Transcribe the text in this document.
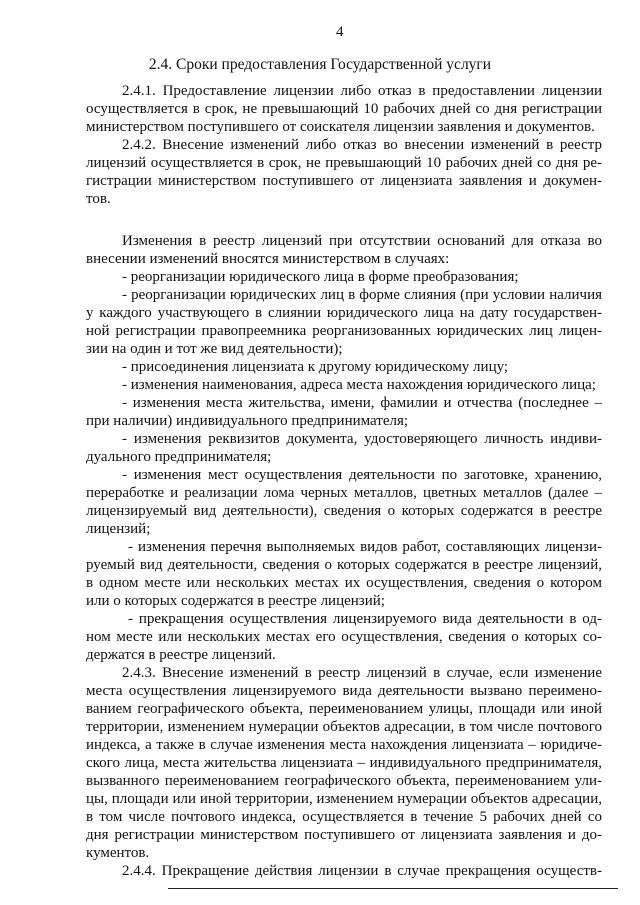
4
2.4. Сроки предоставления Государственной услуги
2.4.1. Предоставление лицензии либо отказ в предоставлении лицензии
осуществляется в срок, не превышающий 10 рабочих дней со дня регистрации
министерством поступившего от соискателя лицензии заявления и документов.
2.4.2. Внесение изменений либо отказ во внесении изменений в реестр
лицензий осуществляется в срок, не превышающий 10 рабочих дней со дня ре-
гистрации министерством поступившего от лицензиата заявления и докумен-
тов.
Изменения в реестр лицензий при отсутствии оснований для отказа во
внесении изменений вносятся министерством в случаях:
- реорганизации юридического лица в форме преобразования;
- реорганизации юридических лиц в форме слияния (при условии наличия
у каждого участвующего в слиянии юридического лица на дату государствен-
ной регистрации правопреемника реорганизованных юридических лиц лицен-
зии на один и тот же вид деятельности);
- присоединения лицензиата к другому юридическому лицу;
- изменения наименования, адреса места нахождения юридического лица;
- изменения места жительства, имени, фамилии и отчества (последнее –
при наличии) индивидуального предпринимателя;
- изменения реквизитов документа, удостоверяющего личность индиви-
дуального предпринимателя;
- изменения мест осуществления деятельности по заготовке, хранению,
переработке и реализации лома черных металлов, цветных металлов (далее –
лицензируемый вид деятельности), сведения о которых содержатся в реестре
лицензий;
- изменения перечня выполняемых видов работ, составляющих лицензи-
руемый вид деятельности, сведения о которых содержатся в реестре лицензий,
в одном месте или нескольких местах их осуществления, сведения о котором
или о которых содержатся в реестре лицензий;
- прекращения осуществления лицензируемого вида деятельности в од-
ном месте или нескольких местах его осуществления, сведения о которых со-
держатся в реестре лицензий.
2.4.3. Внесение изменений в реестр лицензий в случае, если изменение
места осуществления лицензируемого вида деятельности вызвано переимено-
ванием географического объекта, переименованием улицы, площади или иной
территории, изменением нумерации объектов адресации, в том числе почтового
индекса, а также в случае изменения места нахождения лицензиата – юридиче-
ского лица, места жительства лицензиата – индивидуального предпринимателя,
вызванного переименованием географического объекта, переименованием ули-
цы, площади или иной территории, изменением нумерации объектов адресации,
в том числе почтового индекса, осуществляется в течение 5 рабочих дней со
дня регистрации министерством поступившего от лицензиата заявления и до-
кументов.
2.4.4. Прекращение действия лицензии в случае прекращения осуществ-
